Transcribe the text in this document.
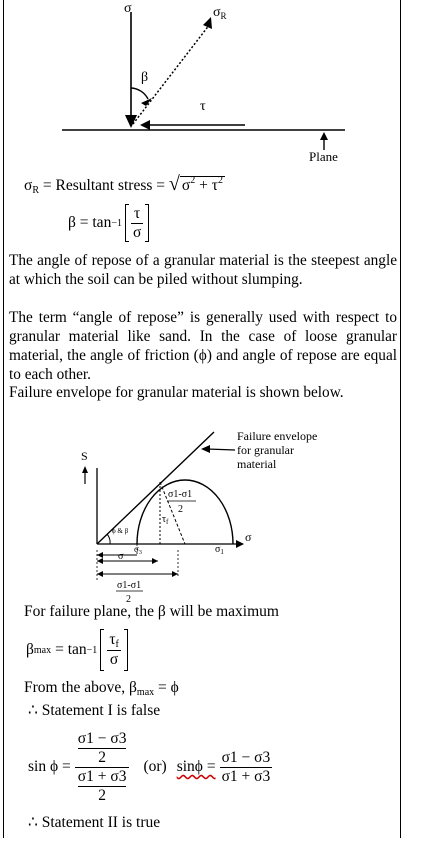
σ	$\sigma_R$
β
τ
Plane
$\sigma_R$ = Resultant stress = √ $\sigma^2 + \tau^2$
$\beta = \tan -1 \frac{\tau}{\sigma}$
The angle of repose of a granular material is the steepest angle at which the soil can be piled without slumping.
The term “angle of repose” is generally used with respect to granular material like sand. In the case of loose granular material, the angle of friction (ϕ) and angle of repose are equal to each other.
Failure envelope for granular material is shown below.
S
σ
Failure envelope
for granular
material
σ1-σ1
2
$\tau_f$
ϕ & β
$\sigma_3$	$\sigma_1$
σ
σ1-σ1
2
For failure plane, the β will be maximum
β $\max = \tan -1 \frac{\tau_f}{\sigma}$
From the above, $\beta_{max} = \phi$
∴ Statement I is false
sin ϕ = σ1 − σ3
2
σ1 + σ3
2 (or) $\sin\phi = \frac{\sigma 1 - \sigma 3}{\sigma 1 + \sigma 3}$
∴ Statement II is true
